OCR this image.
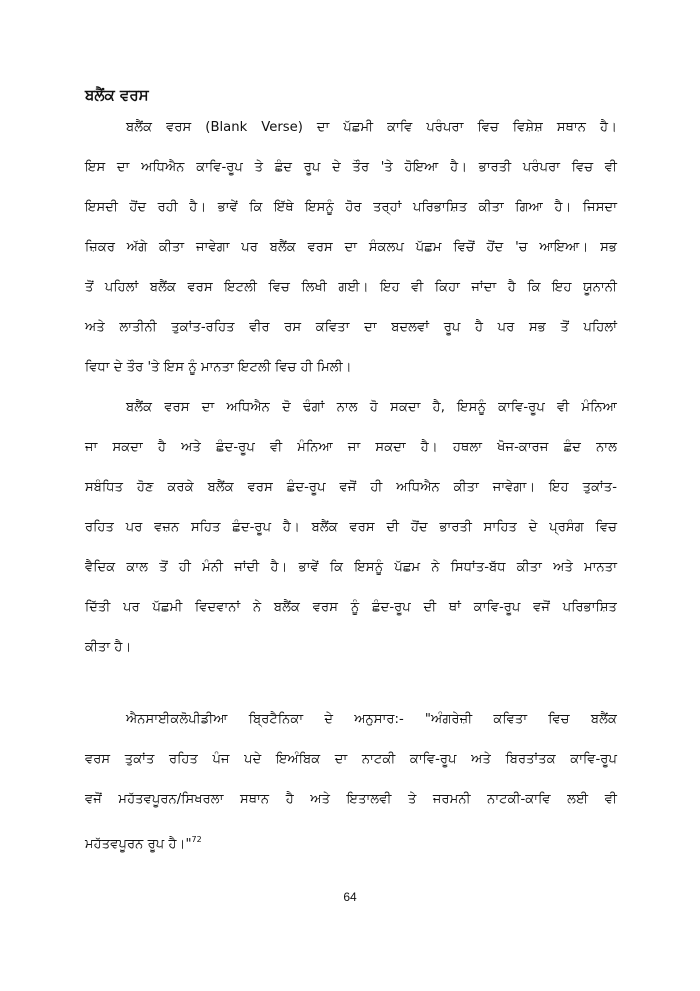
ਬਲੈਂਕ ਵਰਸ
ਬਲੈਂਕ ਵਰਸ (Blank Verse) ਦਾ ਪੱਛਮੀ ਕਾਵਿ ਪਰੰਪਰਾ ਵਿਚ ਵਿਸ਼ੇਸ਼ ਸਥਾਨ ਹੈ।
ਇਸ ਦਾ ਅਧਿਐਨ ਕਾਵਿ-ਰੂਪ ਤੇ ਛੰਦ ਰੂਪ ਦੇ ਤੌਰ 'ਤੇ ਹੋਇਆ ਹੈ। ਭਾਰਤੀ ਪਰੰਪਰਾ ਵਿਚ ਵੀ
ਇਸਦੀ ਹੋਂਦ ਰਹੀ ਹੈ। ਭਾਵੇਂ ਕਿ ਇੱਥੇ ਇਸਨੂੰ ਹੋਰ ਤਰ੍ਹਾਂ ਪਰਿਭਾਸ਼ਿਤ ਕੀਤਾ ਗਿਆ ਹੈ। ਜਿਸਦਾ
ਜ਼ਿਕਰ ਅੱਗੇ ਕੀਤਾ ਜਾਵੇਗਾ ਪਰ ਬਲੈਂਕ ਵਰਸ ਦਾ ਸੰਕਲਪ ਪੱਛਮ ਵਿਚੋਂ ਹੋਂਦ 'ਚ ਆਇਆ। ਸਭ
ਤੋਂ ਪਹਿਲਾਂ ਬਲੈਂਕ ਵਰਸ ਇਟਲੀ ਵਿਚ ਲਿਖੀ ਗਈ। ਇਹ ਵੀ ਕਿਹਾ ਜਾਂਦਾ ਹੈ ਕਿ ਇਹ ਯੂਨਾਨੀ
ਅਤੇ ਲਾਤੀਨੀ ਤੁਕਾਂਤ-ਰਹਿਤ ਵੀਰ ਰਸ ਕਵਿਤਾ ਦਾ ਬਦਲਵਾਂ ਰੂਪ ਹੈ ਪਰ ਸਭ ਤੋਂ ਪਹਿਲਾਂ
ਵਿਧਾ ਦੇ ਤੌਰ 'ਤੇ ਇਸ ਨੂੰ ਮਾਨਤਾ ਇਟਲੀ ਵਿਚ ਹੀ ਮਿਲੀ।
ਬਲੈਂਕ ਵਰਸ ਦਾ ਅਧਿਐਨ ਦੋ ਢੰਗਾਂ ਨਾਲ ਹੋ ਸਕਦਾ ਹੈ, ਇਸਨੂੰ ਕਾਵਿ-ਰੂਪ ਵੀ ਮੰਨਿਆ
ਜਾ ਸਕਦਾ ਹੈ ਅਤੇ ਛੰਦ-ਰੂਪ ਵੀ ਮੰਨਿਆ ਜਾ ਸਕਦਾ ਹੈ। ਹਥਲਾ ਖੋਜ-ਕਾਰਜ ਛੰਦ ਨਾਲ
ਸਬੰਧਿਤ ਹੋਣ ਕਰਕੇ ਬਲੈਂਕ ਵਰਸ ਛੰਦ-ਰੂਪ ਵਜੋਂ ਹੀ ਅਧਿਐਨ ਕੀਤਾ ਜਾਵੇਗਾ। ਇਹ ਤੁਕਾਂਤ-
ਰਹਿਤ ਪਰ ਵਜ਼ਨ ਸਹਿਤ ਛੰਦ-ਰੂਪ ਹੈ। ਬਲੈਂਕ ਵਰਸ ਦੀ ਹੋਂਦ ਭਾਰਤੀ ਸਾਹਿਤ ਦੇ ਪ੍ਰਸੰਗ ਵਿਚ
ਵੈਦਿਕ ਕਾਲ ਤੋਂ ਹੀ ਮੰਨੀ ਜਾਂਦੀ ਹੈ। ਭਾਵੇਂ ਕਿ ਇਸਨੂੰ ਪੱਛਮ ਨੇ ਸਿਧਾਂਤ-ਬੱਧ ਕੀਤਾ ਅਤੇ ਮਾਨਤਾ
ਦਿੱਤੀ ਪਰ ਪੱਛਮੀ ਵਿਦਵਾਨਾਂ ਨੇ ਬਲੈਂਕ ਵਰਸ ਨੂੰ ਛੰਦ-ਰੂਪ ਦੀ ਥਾਂ ਕਾਵਿ-ਰੂਪ ਵਜੋਂ ਪਰਿਭਾਸ਼ਿਤ
ਕੀਤਾ ਹੈ।
ਐਨਸਾਈਕਲੋਪੀਡੀਆ ਬ੍ਰਿਟੈਨਿਕਾ ਦੇ ਅਨੁਸਾਰ:- "ਅੰਗਰੇਜ਼ੀ ਕਵਿਤਾ ਵਿਚ ਬਲੈਂਕ
ਵਰਸ ਤੁਕਾਂਤ ਰਹਿਤ ਪੰਜ ਪਦੇ ਇਅੰਬਿਕ ਦਾ ਨਾਟਕੀ ਕਾਵਿ-ਰੂਪ ਅਤੇ ਬਿਰਤਾਂਤਕ ਕਾਵਿ-ਰੂਪ
ਵਜੋਂ ਮਹੱਤਵਪੂਰਨ/ਸਿਖਰਲਾ ਸਥਾਨ ਹੈ ਅਤੇ ਇਤਾਲਵੀ ਤੇ ਜਰਮਨੀ ਨਾਟਕੀ-ਕਾਵਿ ਲਈ ਵੀ
ਮਹੱਤਵਪੂਰਨ ਰੂਪ ਹੈ।"$^{72}$
64
